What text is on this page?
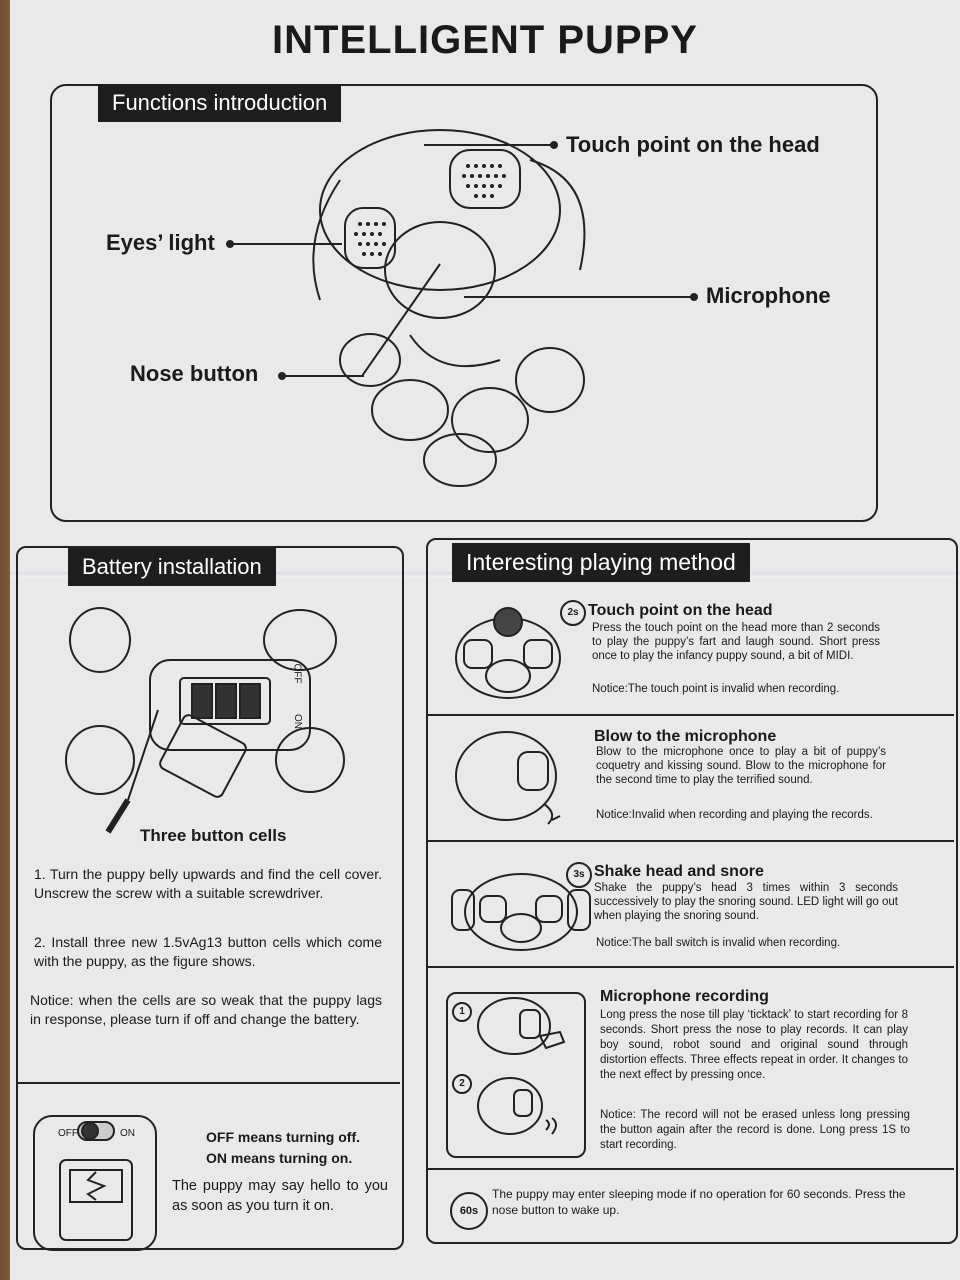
INTELLIGENT PUPPY
Functions introduction
Touch point on the head
Eyes’ light
Microphone
Nose button
Battery installation
OFF
ON
Three button cells
1. Turn the puppy belly upwards and find the cell cover. Unscrew the screw with a suitable screwdriver.
2. Install three new 1.5vAg13 button cells which come with the puppy, as the figure shows.
Notice: when the cells are so weak that the puppy lags in response, please turn if off and change the battery.
OFF	ON	OFF means turning off.
ON means turning on.
The puppy may say hello to you as soon as you turn it on.
Interesting playing method
2s Touch point on the head
Press the touch point on the head more than 2 seconds to play the puppy’s fart and laugh sound. Short press once to play the infancy puppy sound, a bit of MIDI.
Notice:The touch point is invalid when recording.
Blow to the microphone
Blow to the microphone once to play a bit of puppy’s coquetry and kissing sound. Blow to the microphone for the second time to play the terrified sound.
Notice:Invalid when recording and playing the records.
3s Shake head and snore
Shake the puppy’s head 3 times within 3 seconds successively to play the snoring sound. LED light will go out when playing the snoring sound.
Notice:The ball switch is invalid when recording.
1
2
Microphone recording
Long press the nose till play ‘ticktack’ to start recording for 8 seconds. Short press the nose to play records. It can play boy sound, robot sound and original sound through distortion effects. Three effects repeat in order. It changes to the next effect by pressing once.
Notice: The record will not be erased unless long pressing the button again after the record is done. Long press 1S to start recording.
60s
The puppy may enter sleeping mode if no operation for 60 seconds. Press the nose button to wake up.
